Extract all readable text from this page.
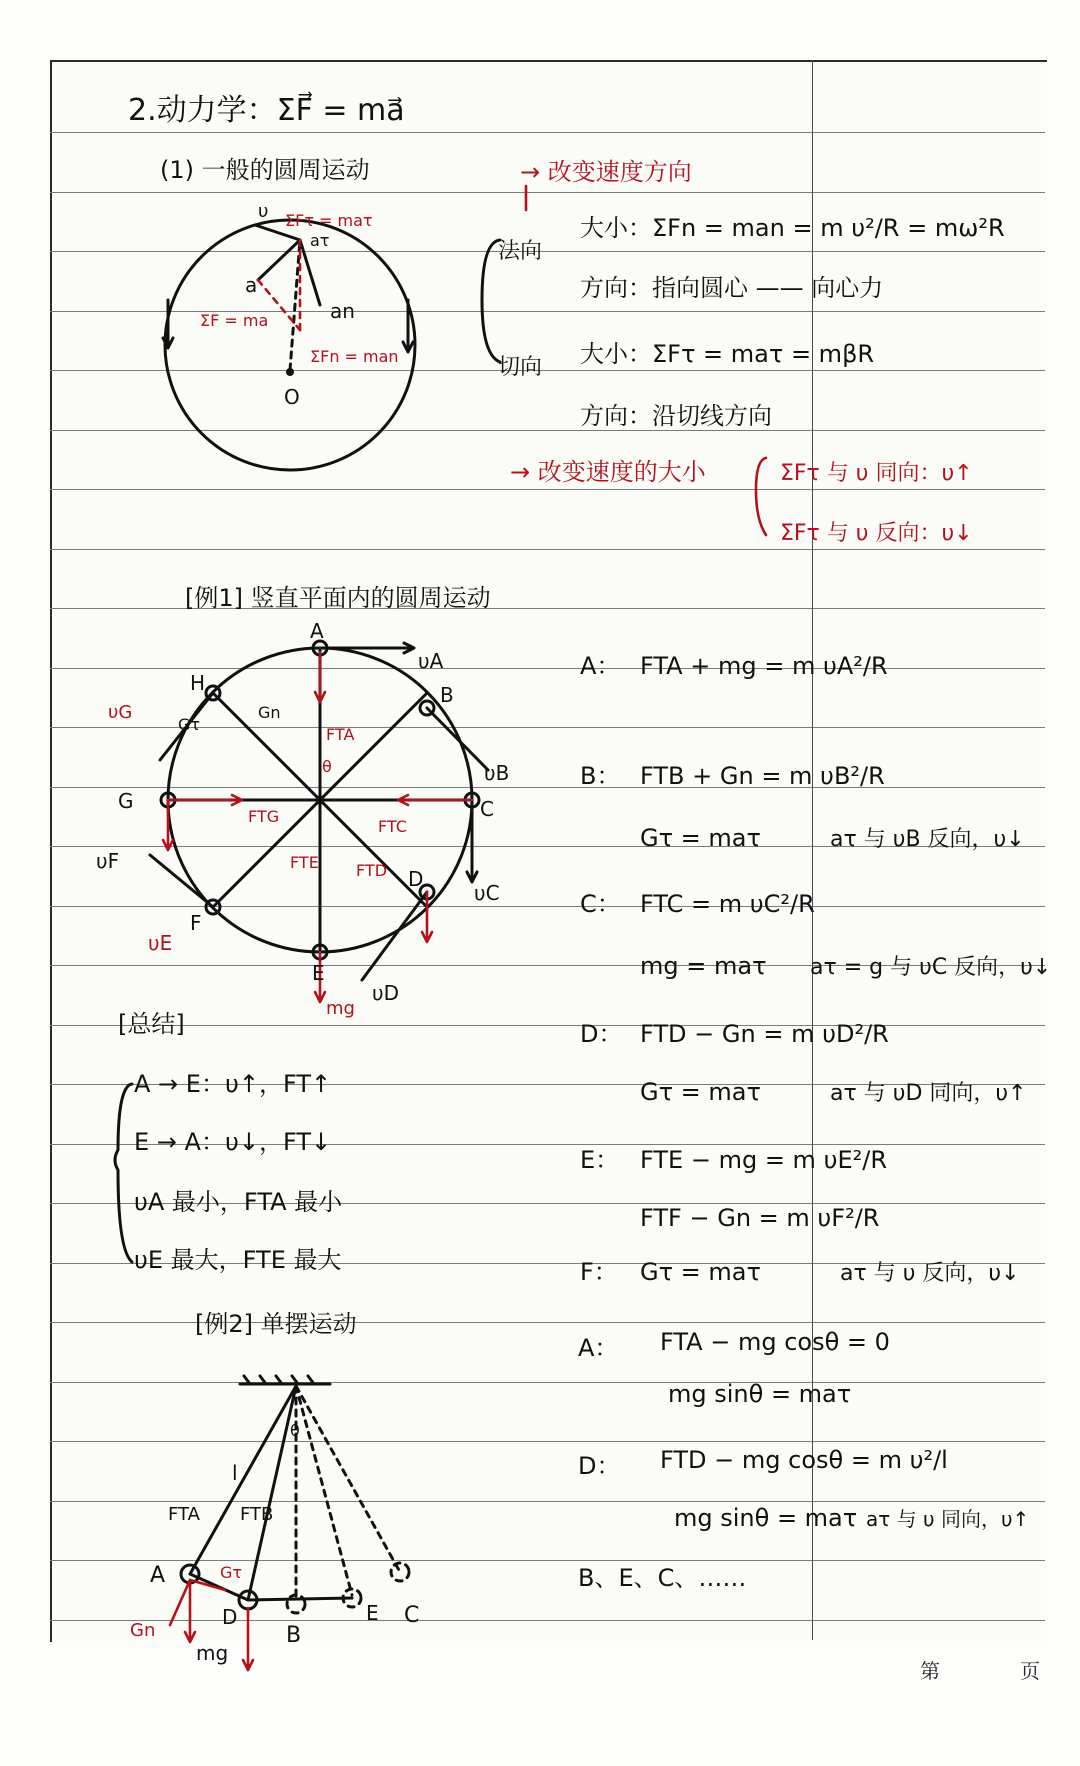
2.动力学：ΣF⃗ = mа⃗
(1) 一般的圆周运动
υ ΣFτ = maτ
aτ
a
an
ΣF = ma
ΣFn = man
O
→ 改变速度方向
法向
大小：ΣFn = man = m υ²/R = mω²R
方向：指向圆心 —— 向心力
切向 大小：ΣFτ = maτ = mβR
方向：沿切线方向
→ 改变速度的大小	ΣFτ 与 υ 同向：υ↑
ΣFτ 与 υ 反向：υ↓
[例1] 竖直平面内的圆周运动
A
B
C
D
E
F
G
H
υA
υB
υC
υD
υE
υF
υG
mg
FTA
FTC
FTD
FTE
FTG
Gn
Gτ
θ
A： FTA + mg = m υA²/R
B： FTB + Gn = m υB²/R
Gτ = maτ	aτ 与 υB 反向，υ↓
C： FTC = m υC²/R
mg = maτ aτ = g 与 υC 反向，υ↓
D： FTD − Gn = m υD²/R
Gτ = maτ	aτ 与 υD 同向，υ↑
E： FTE − mg = m υE²/R
FTF − Gn = m υF²/R
F： Gτ = maτ	aτ 与 υ 反向，υ↓
[总结]
A → E：υ↑，FT↑
E → A：υ↓，FT↓
υA 最小，FTA 最小
υE 最大，FTE 最大
[例2] 单摆运动
l
FTA FTB
A
B
C
D	E
θ
Gn
Gτ
mg
A： FTA − mg cosθ = 0
mg sinθ = maτ
D： FTD − mg cosθ = m υ²/l
mg sinθ = maτ aτ 与 υ 同向，υ↑
B、E、C、……
第	页
